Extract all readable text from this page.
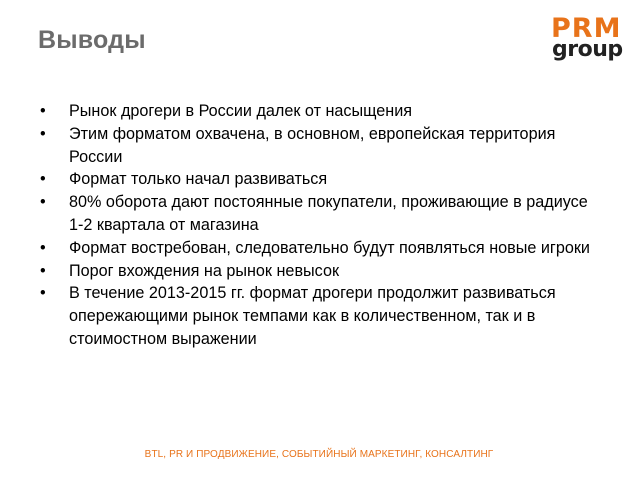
Выводы	PRM
group
• Рынок дрогери в России далек от насыщения
• Этим форматом охвачена, в основном, европейская территория России
• Формат только начал развиваться
• 80% оборота дают постоянные покупатели, проживающие в радиусе 1-2 квартала от магазина
• Формат востребован, следовательно будут появляться новые игроки
• Порог вхождения на рынок невысок
• В течение 2013-2015 гг. формат дрогери продолжит развиваться опережающими рынок темпами как в количественном, так и в стоимостном выражении
BTL, PR И ПРОДВИЖЕНИЕ, СОБЫТИЙНЫЙ МАРКЕТИНГ, КОНСАЛТИНГ
